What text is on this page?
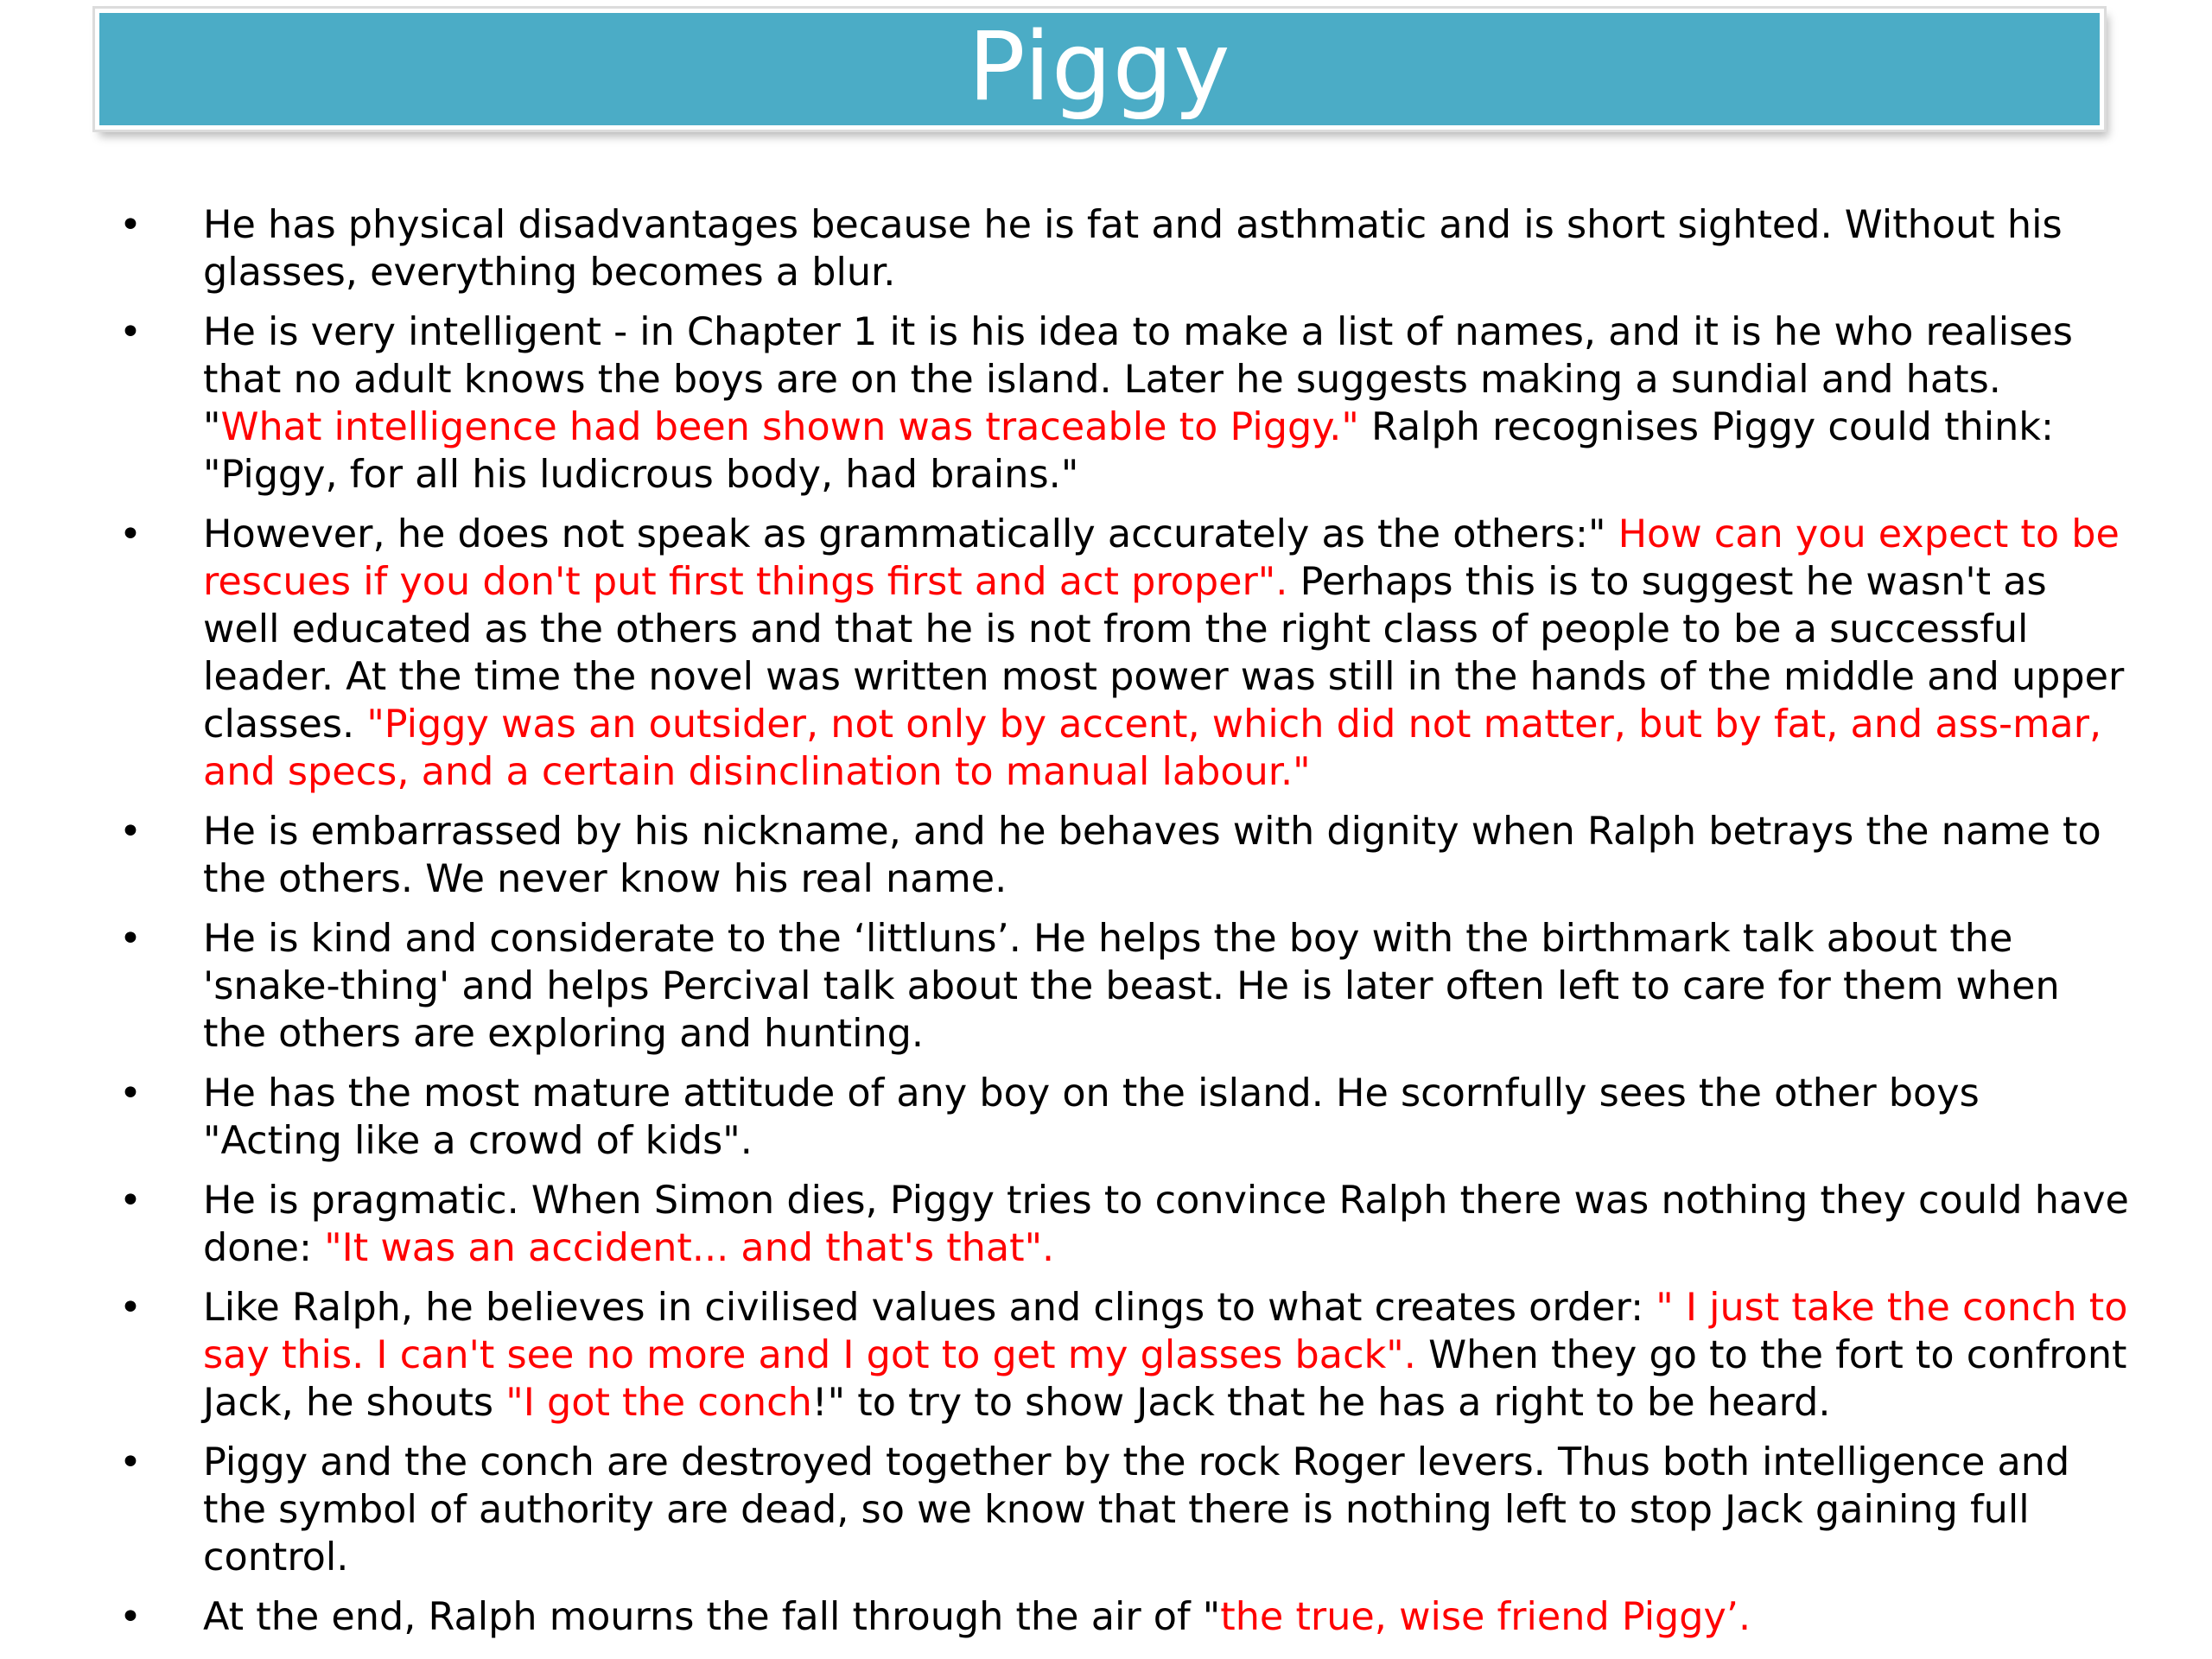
Piggy
• He has physical disadvantages because he is fat and asthmatic and is short sighted. Without his glasses, everything becomes a blur.
• He is very intelligent - in Chapter 1 it is his idea to make a list of names, and it is he who realises that no adult knows the boys are on the island. Later he suggests making a sundial and hats. "What intelligence had been shown was traceable to Piggy." Ralph recognises Piggy could think: "Piggy, for all his ludicrous body, had brains."
• However, he does not speak as grammatically accurately as the others:" How can you expect to be rescues if you don't put first things first and act proper". Perhaps this is to suggest he wasn't as well educated as the others and that he is not from the right class of people to be a successful leader. At the time the novel was written most power was still in the hands of the middle and upper classes. "Piggy was an outsider, not only by accent, which did not matter, but by fat, and ass-mar, and specs, and a certain disinclination to manual labour."
• He is embarrassed by his nickname, and he behaves with dignity when Ralph betrays the name to the others. We never know his real name.
• He is kind and considerate to the ‘littluns’. He helps the boy with the birthmark talk about the 'snake-thing' and helps Percival talk about the beast. He is later often left to care for them when the others are exploring and hunting.
• He has the most mature attitude of any boy on the island. He scornfully sees the other boys "Acting like a crowd of kids".
• He is pragmatic. When Simon dies, Piggy tries to convince Ralph there was nothing they could have done: "It was an accident... and that's that".
• Like Ralph, he believes in civilised values and clings to what creates order: " I just take the conch to say this. I can't see no more and I got to get my glasses back". When they go to the fort to confront Jack, he shouts "I got the conch!" to try to show Jack that he has a right to be heard.
• Piggy and the conch are destroyed together by the rock Roger levers. Thus both intelligence and the symbol of authority are dead, so we know that there is nothing left to stop Jack gaining full control.
• At the end, Ralph mourns the fall through the air of "the true, wise friend Piggy’.
